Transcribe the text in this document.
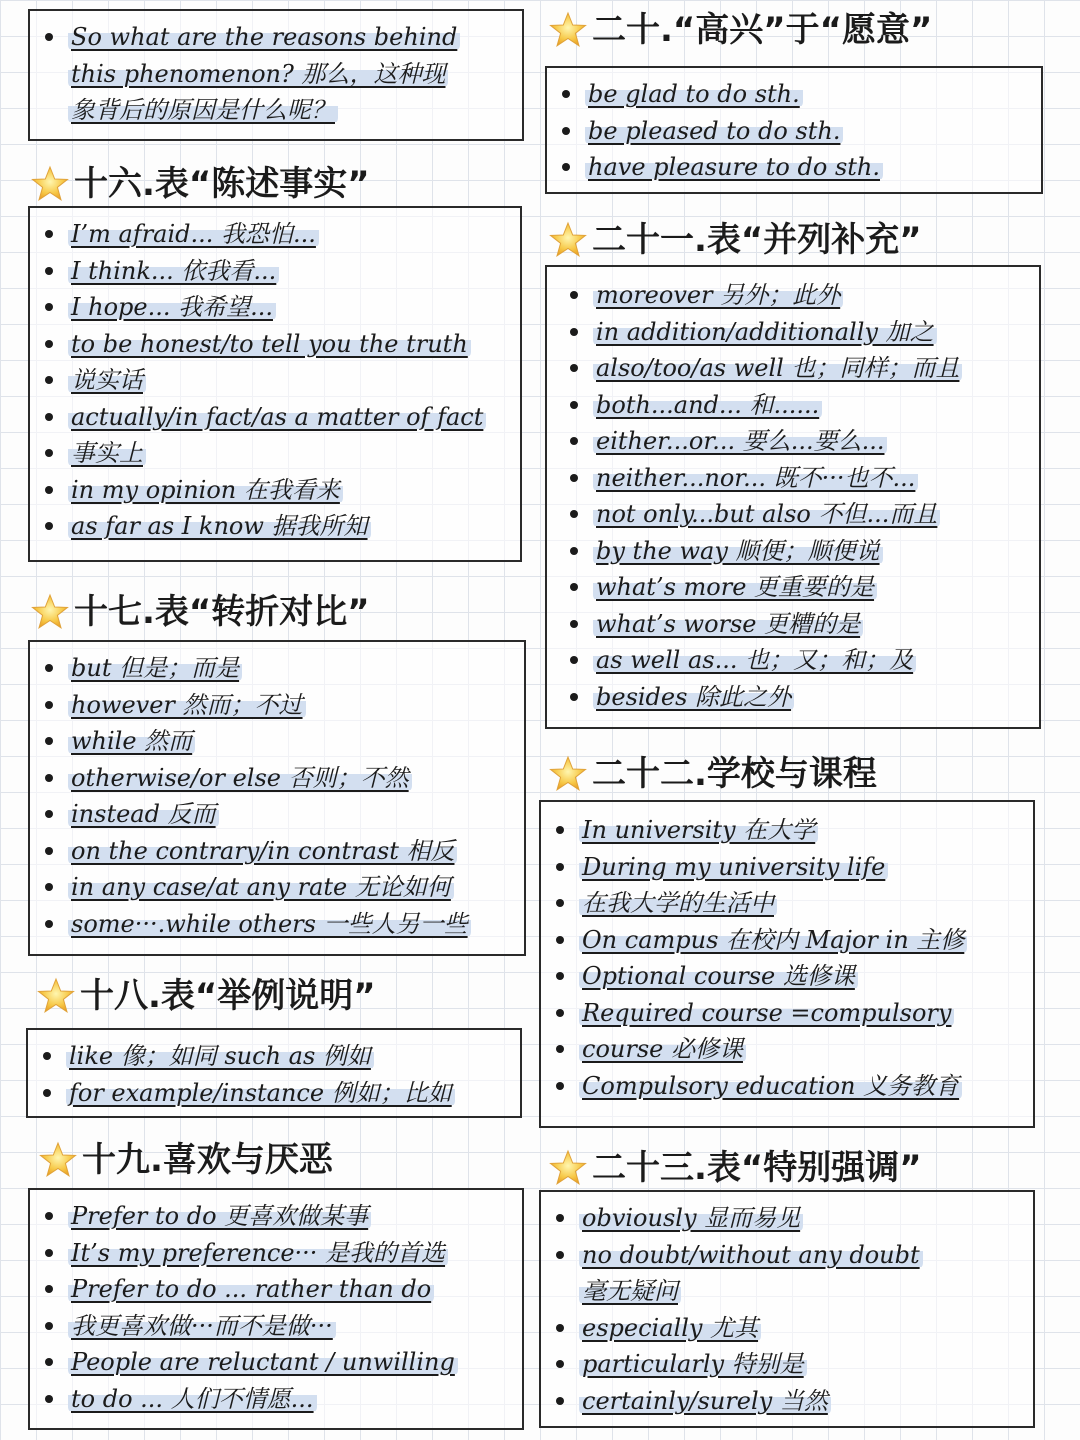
So what are the reasons behind
this phenomenon? 那么，这种现
象背后的原因是什么呢？
十六.表“陈述事实”
I’m afraid... 我恐怕...
I think... 依我看...
I hope... 我希望...
to be honest/to tell you the truth
说实话
actually/in fact/as a matter of fact
事实上
in my opinion 在我看来
as far as I know 据我所知
十七.表“转折对比”
but 但是；而是
however 然而；不过
while 然而
otherwise/or else 否则；不然
instead 反而
on the contrary/in contrast 相反
in any case/at any rate 无论如何
some···.while others 一些人另一些
十八.表“举例说明”
like 像；如同 such as 例如
for example/instance 例如；比如
十九.喜欢与厌恶
Prefer to do 更喜欢做某事
It’s my preference··· 是我的首选
Prefer to do ... rather than do
我更喜欢做···而不是做···
People are reluctant / unwilling
to do ... 人们不情愿...
二十.“高兴”于“愿意”
be glad to do sth.
be pleased to do sth.
have pleasure to do sth.
二十一.表“并列补充”
moreover 另外；此外
in addition/additionally 加之
also/too/as well 也；同样；而且
both...and... 和......
either...or... 要么...要么...
neither...nor... 既不···也不...
not only...but also 不但...而且
by the way 顺便；顺便说
what’s more 更重要的是
what’s worse 更糟的是
as well as... 也；又；和；及
besides 除此之外
二十二.学校与课程
In university 在大学
During my university life
在我大学的生活中
On campus 在校内 Major in 主修
Optional course 选修课
Required course =compulsory
course 必修课
Compulsory education 义务教育
二十三.表“特别强调”
obviously 显而易见
no doubt/without any doubt
毫无疑问
especially 尤其
particularly 特别是
certainly/surely 当然
